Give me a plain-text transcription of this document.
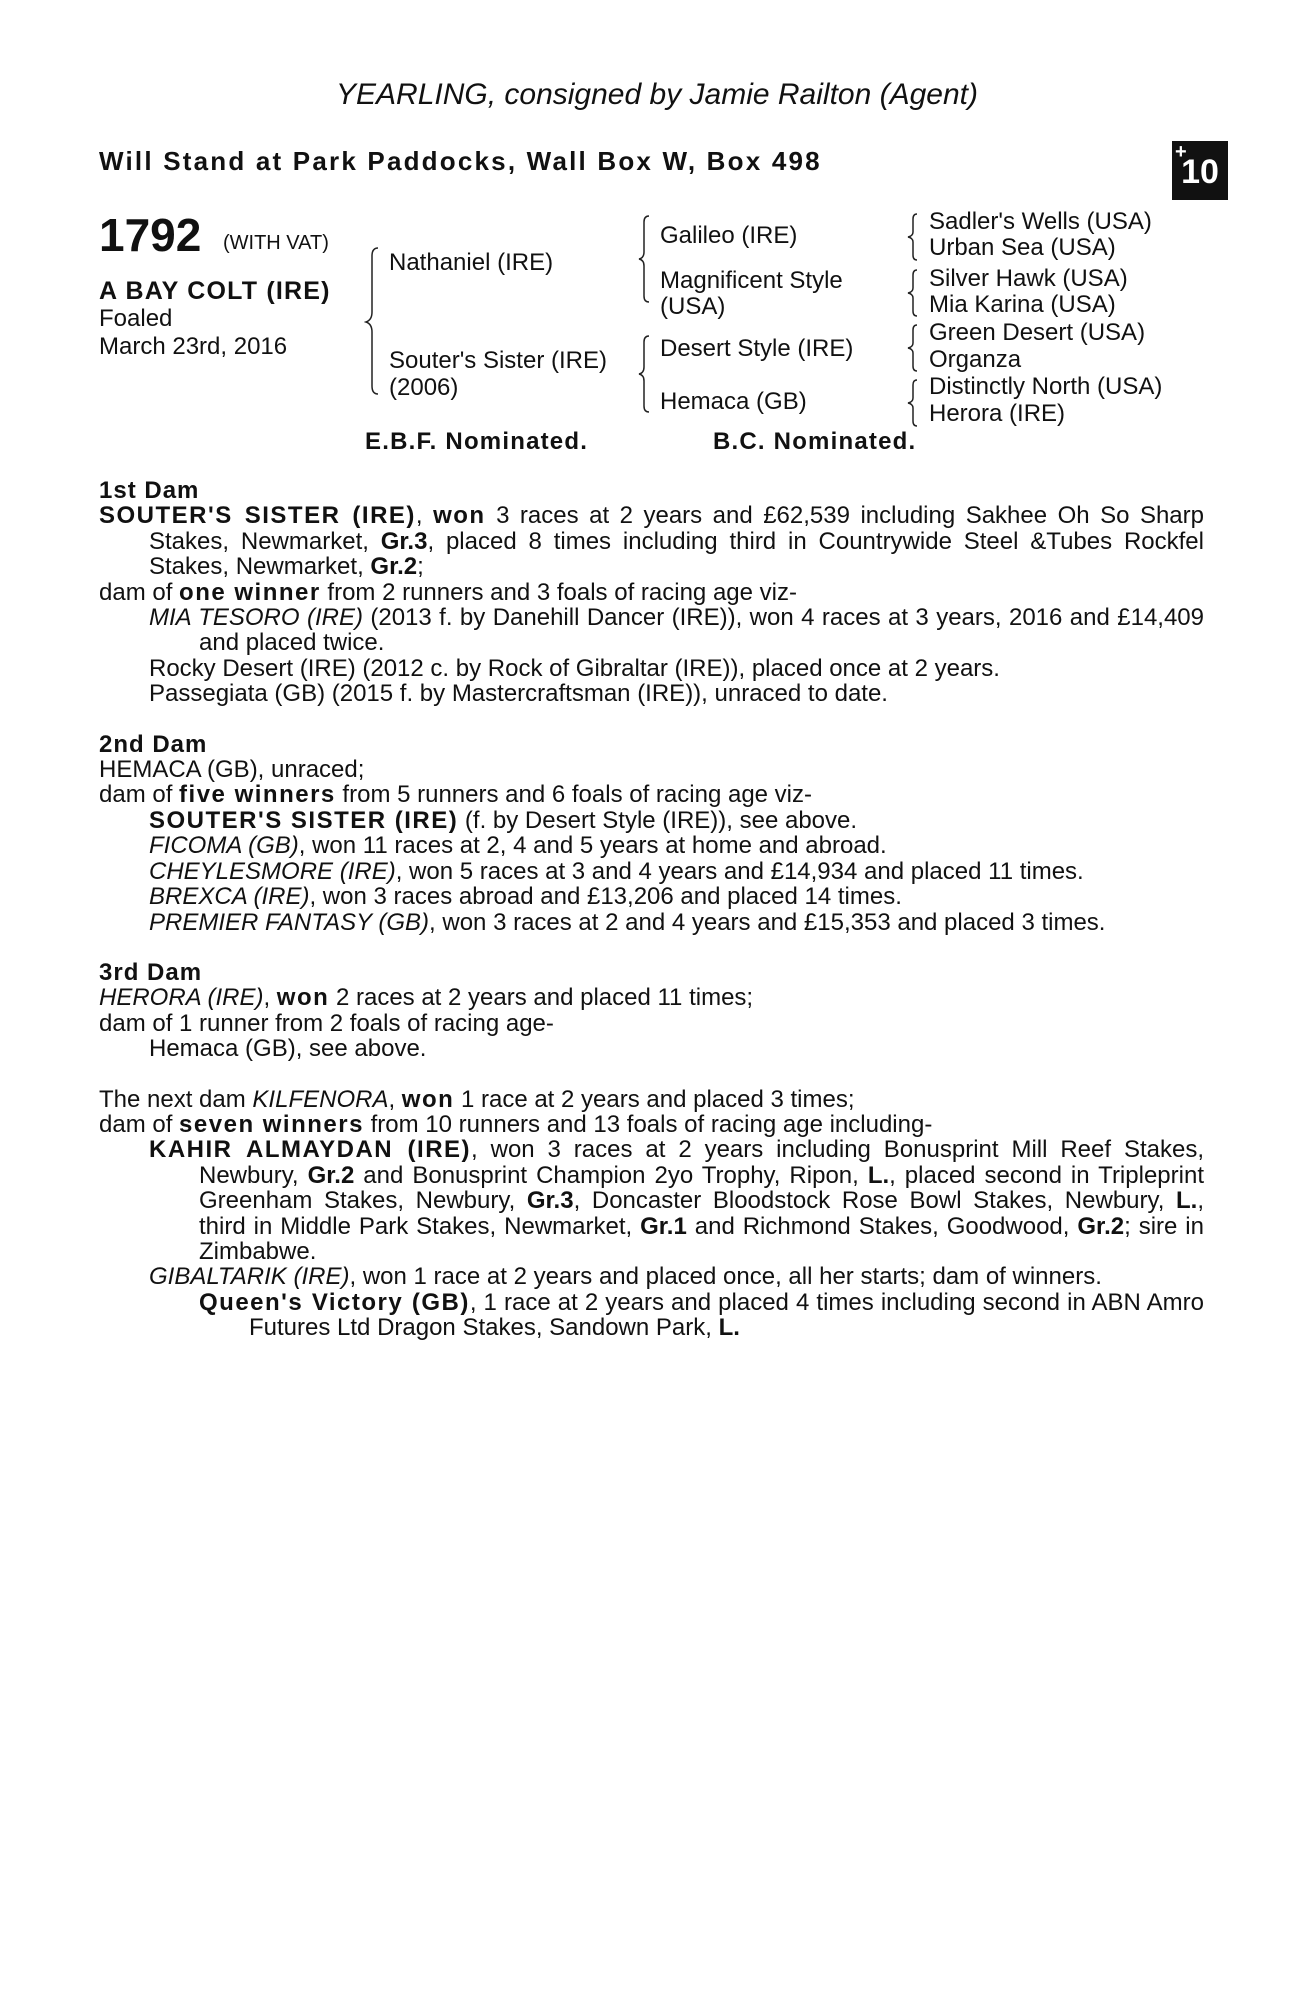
YEARLING, consigned by Jamie Railton (Agent)
Will Stand at Park Paddocks, Wall Box W, Box 498	+
10
1792 (WITH VAT)
A BAY COLT (IRE)
Foaled
March 23rd, 2016
Nathaniel (IRE)
Souter's Sister (IRE)
(2006)
Galileo (IRE)
Magnificent Style
(USA)
Desert Style (IRE)
Hemaca (GB)
Sadler's Wells (USA)
Urban Sea (USA)
Silver Hawk (USA)
Mia Karina (USA)
Green Desert (USA)
Organza
Distinctly North (USA)
Herora (IRE)
E.B.F. Nominated.	B.C. Nominated.

1st Dam

SOUTER'S SISTER (IRE), won 3 races at 2 years and £62,539 including Sakhee Oh So Sharp Stakes, Newmarket, Gr.3, placed 8 times including third in Countrywide Steel &Tubes Rockfel Stakes, Newmarket, Gr.2;

dam of one winner from 2 runners and 3 foals of racing age viz-

MIA TESORO (IRE) (2013 f. by Danehill Dancer (IRE)), won 4 races at 3 years, 2016 and £14,409 and placed twice.

Rocky Desert (IRE) (2012 c. by Rock of Gibraltar (IRE)), placed once at 2 years.

Passegiata (GB) (2015 f. by Mastercraftsman (IRE)), unraced to date.

2nd Dam

HEMACA (GB), unraced;

dam of five winners from 5 runners and 6 foals of racing age viz-

SOUTER'S SISTER (IRE) (f. by Desert Style (IRE)), see above.

FICOMA (GB), won 11 races at 2, 4 and 5 years at home and abroad.

CHEYLESMORE (IRE), won 5 races at 3 and 4 years and £14,934 and placed 11 times.

BREXCA (IRE), won 3 races abroad and £13,206 and placed 14 times.

PREMIER FANTASY (GB), won 3 races at 2 and 4 years and £15,353 and placed 3 times.

3rd Dam

HERORA (IRE), won 2 races at 2 years and placed 11 times;

dam of 1 runner from 2 foals of racing age-

Hemaca (GB), see above.

The next dam KILFENORA, won 1 race at 2 years and placed 3 times;

dam of seven winners from 10 runners and 13 foals of racing age including-

KAHIR ALMAYDAN (IRE), won 3 races at 2 years including Bonusprint Mill Reef Stakes, Newbury, Gr.2 and Bonusprint Champion 2yo Trophy, Ripon, L., placed second in Tripleprint Greenham Stakes, Newbury, Gr.3, Doncaster Bloodstock Rose Bowl Stakes, Newbury, L., third in Middle Park Stakes, Newmarket, Gr.1 and Richmond Stakes, Goodwood, Gr.2; sire in Zimbabwe.

GIBALTARIK (IRE), won 1 race at 2 years and placed once, all her starts; dam of winners.

Queen's Victory (GB), 1 race at 2 years and placed 4 times including second in ABN Amro Futures Ltd Dragon Stakes, Sandown Park, L.
